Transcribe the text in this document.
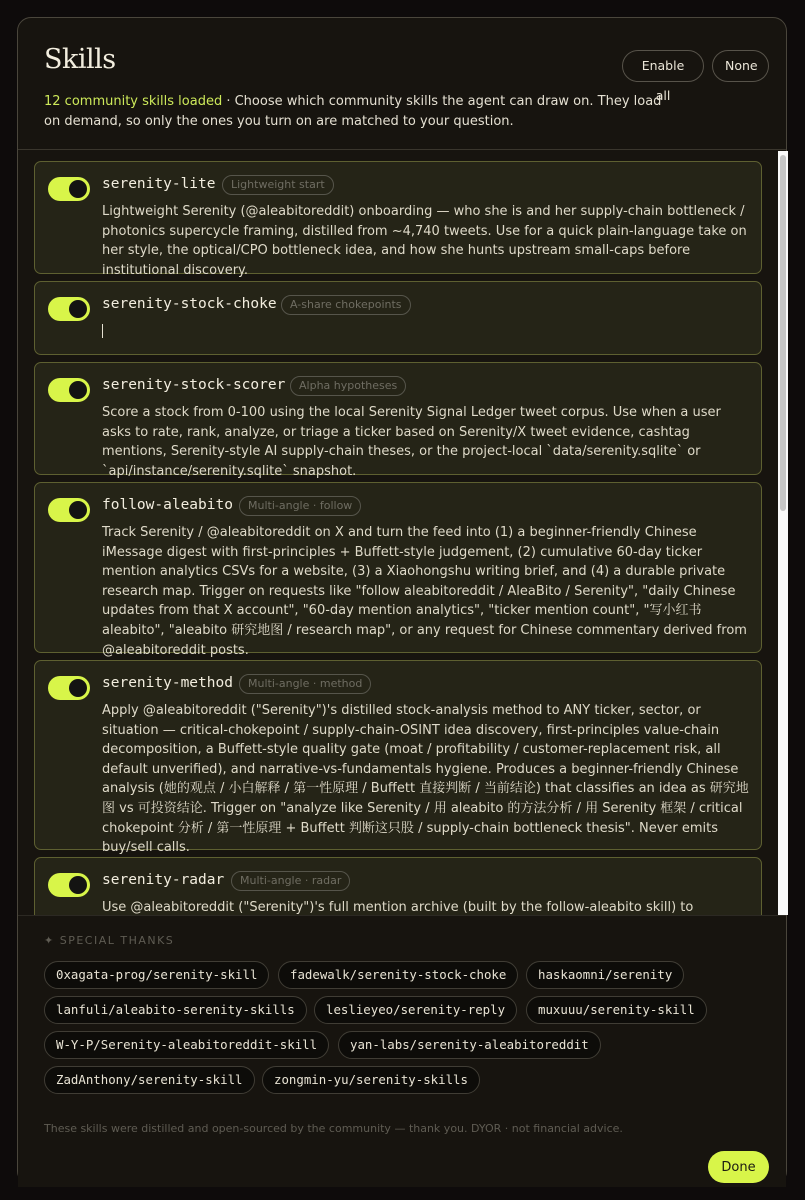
Skills	Enable all
None
12 community skills loaded · Choose which community skills the agent can draw on. They load on demand, so only the ones you turn on are matched to your question.
serenity-lite	Lightweight start
Lightweight Serenity (@aleabitoreddit) onboarding — who she is and her supply-chain bottleneck / photonics supercycle framing, distilled from ~4,740 tweets. Use for a quick plain-language take on her style, the optical/CPO bottleneck idea, and how she hunts upstream small-caps before institutional discovery.
serenity-stock-choke	A-share chokepoints
serenity-stock-scorer	Alpha hypotheses
Score a stock from 0-100 using the local Serenity Signal Ledger tweet corpus. Use when a user asks to rate, rank, analyze, or triage a ticker based on Serenity/X tweet evidence, cashtag mentions, Serenity-style AI supply-chain theses, or the project-local `data/serenity.sqlite` or `api/instance/serenity.sqlite` snapshot.
follow-aleabito	Multi-angle · follow
Track Serenity / @aleabitoreddit on X and turn the feed into (1) a beginner-friendly Chinese iMessage digest with first-principles + Buffett-style judgement, (2) cumulative 60-day ticker mention analytics CSVs for a website, (3) a Xiaohongshu writing brief, and (4) a durable private research map. Trigger on requests like "follow aleabitoreddit / AleaBito / Serenity", "daily Chinese updates from that X account", "60-day mention analytics", "ticker mention count", "写小红书 aleabito", "aleabito 研究地图 / research map", or any request for Chinese commentary derived from @aleabitoreddit posts.
serenity-method	Multi-angle · method
Apply @aleabitoreddit ("Serenity")'s distilled stock-analysis method to ANY ticker, sector, or situation — critical-chokepoint / supply-chain-OSINT idea discovery, first-principles value-chain decomposition, a Buffett-style quality gate (moat / profitability / customer-replacement risk, all default unverified), and narrative-vs-fundamentals hygiene. Produces a beginner-friendly Chinese analysis (她的观点 / 小白解释 / 第一性原理 / Buffett 直接判断 / 当前结论) that classifies an idea as 研究地图 vs 可投资结论. Trigger on "analyze like Serenity / 用 aleabito 的方法分析 / 用 Serenity 框架 / critical chokepoint 分析 / 第一性原理 + Buffett 判断这只股 / supply-chain bottleneck thesis". Never emits buy/sell calls.
serenity-radar	Multi-angle · radar
Use @aleabitoreddit ("Serenity")'s full mention archive (built by the follow-aleabito skill) to
✦ SPECIAL THANKS
0xagata-prog/serenity-skill	fadewalk/serenity-stock-choke	haskaomni/serenity
lanfuli/aleabito-serenity-skills	leslieyeo/serenity-reply	muxuuu/serenity-skill
W-Y-P/Serenity-aleabitoreddit-skill	yan-labs/serenity-aleabitoreddit
ZadAnthony/serenity-skill	zongmin-yu/serenity-skills
These skills were distilled and open-sourced by the community — thank you. DYOR · not financial advice.
Done
